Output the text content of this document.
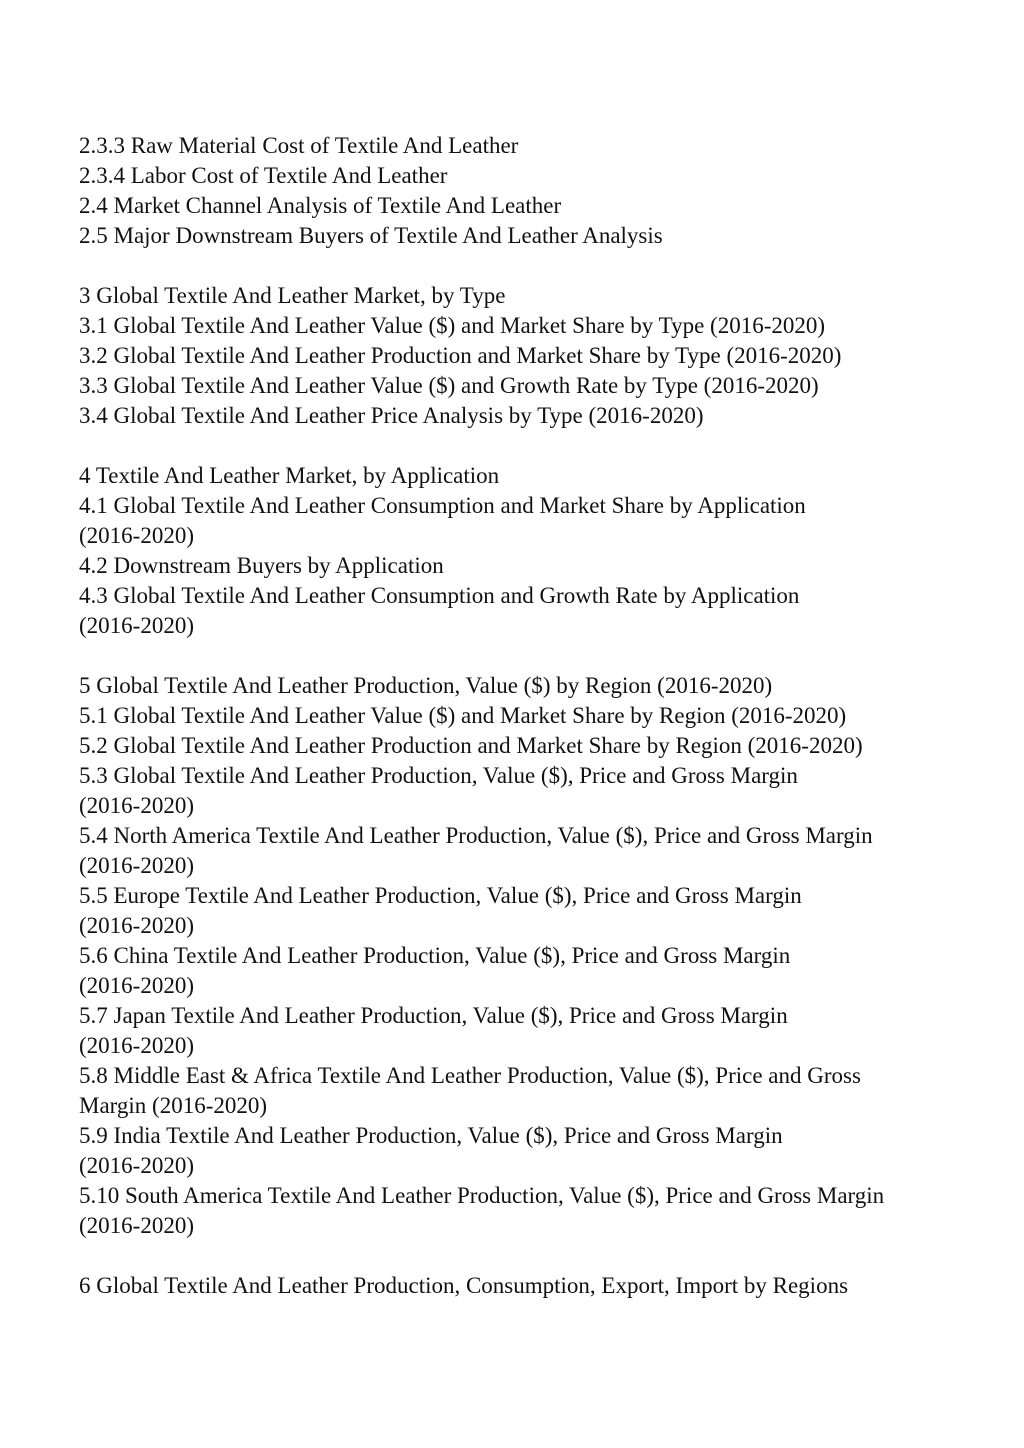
2.3.3 Raw Material Cost of Textile And Leather

2.3.4 Labor Cost of Textile And Leather

2.4 Market Channel Analysis of Textile And Leather

2.5 Major Downstream Buyers of Textile And Leather Analysis

3 Global Textile And Leather Market, by Type

3.1 Global Textile And Leather Value ($) and Market Share by Type (2016-2020)

3.2 Global Textile And Leather Production and Market Share by Type (2016-2020)

3.3 Global Textile And Leather Value ($) and Growth Rate by Type (2016-2020)

3.4 Global Textile And Leather Price Analysis by Type (2016-2020)

4 Textile And Leather Market, by Application

4.1 Global Textile And Leather Consumption and Market Share by Application

(2016-2020)

4.2 Downstream Buyers by Application

4.3 Global Textile And Leather Consumption and Growth Rate by Application

(2016-2020)

5 Global Textile And Leather Production, Value ($) by Region (2016-2020)

5.1 Global Textile And Leather Value ($) and Market Share by Region (2016-2020)

5.2 Global Textile And Leather Production and Market Share by Region (2016-2020)

5.3 Global Textile And Leather Production, Value ($), Price and Gross Margin

(2016-2020)

5.4 North America Textile And Leather Production, Value ($), Price and Gross Margin

(2016-2020)

5.5 Europe Textile And Leather Production, Value ($), Price and Gross Margin

(2016-2020)

5.6 China Textile And Leather Production, Value ($), Price and Gross Margin

(2016-2020)

5.7 Japan Textile And Leather Production, Value ($), Price and Gross Margin

(2016-2020)

5.8 Middle East & Africa Textile And Leather Production, Value ($), Price and Gross

Margin (2016-2020)

5.9 India Textile And Leather Production, Value ($), Price and Gross Margin

(2016-2020)

5.10 South America Textile And Leather Production, Value ($), Price and Gross Margin

(2016-2020)

6 Global Textile And Leather Production, Consumption, Export, Import by Regions
